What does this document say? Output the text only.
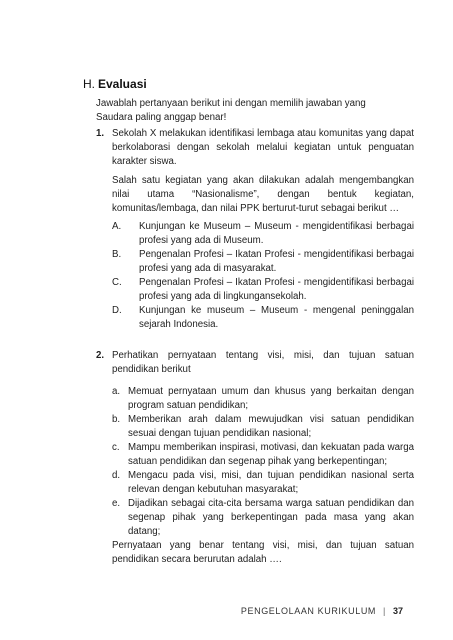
H. Evaluasi

Jawablah pertanyaan berikut ini dengan memilih jawaban yang Saudara paling anggap benar!

1. Sekolah X melakukan identifikasi lembaga atau komunitas yang dapat berkolaborasi dengan sekolah melalui kegiatan untuk penguatan karakter siswa.

Salah satu kegiatan yang akan dilakukan adalah mengembangkan nilai utama “Nasionalisme”, dengan bentuk kegiatan, komunitas/lembaga, dan nilai PPK berturut-turut sebagai berikut …

A. Kunjungan ke Museum – Museum - mengidentifikasi berbagai profesi yang ada di Museum.
B. Pengenalan Profesi – Ikatan Profesi - mengidentifikasi berbagai profesi yang ada di masyarakat.
C. Pengenalan Profesi – Ikatan Profesi - mengidentifikasi berbagai profesi yang ada di lingkungansekolah.
D. Kunjungan ke museum – Museum - mengenal peninggalan sejarah Indonesia.
2. Perhatikan pernyataan tentang visi, misi, dan tujuan satuan pendidikan berikut

a. Memuat pernyataan umum dan khusus yang berkaitan dengan program satuan pendidikan;
b. Memberikan arah dalam mewujudkan visi satuan pendidikan sesuai dengan tujuan pendidikan nasional;
c. Mampu memberikan inspirasi, motivasi, dan kekuatan pada warga satuan pendidikan dan segenap pihak yang berkepentingan;
d. Mengacu pada visi, misi, dan tujuan pendidikan nasional serta relevan dengan kebutuhan masyarakat;
e. Dijadikan sebagai cita-cita bersama warga satuan pendidikan dan segenap pihak yang berkepentingan pada masa yang akan datang;

Pernyataan yang benar tentang visi, misi, dan tujuan satuan pendidikan secara berurutan adalah ….

PENGELOLAAN KURIKULUM | 37
